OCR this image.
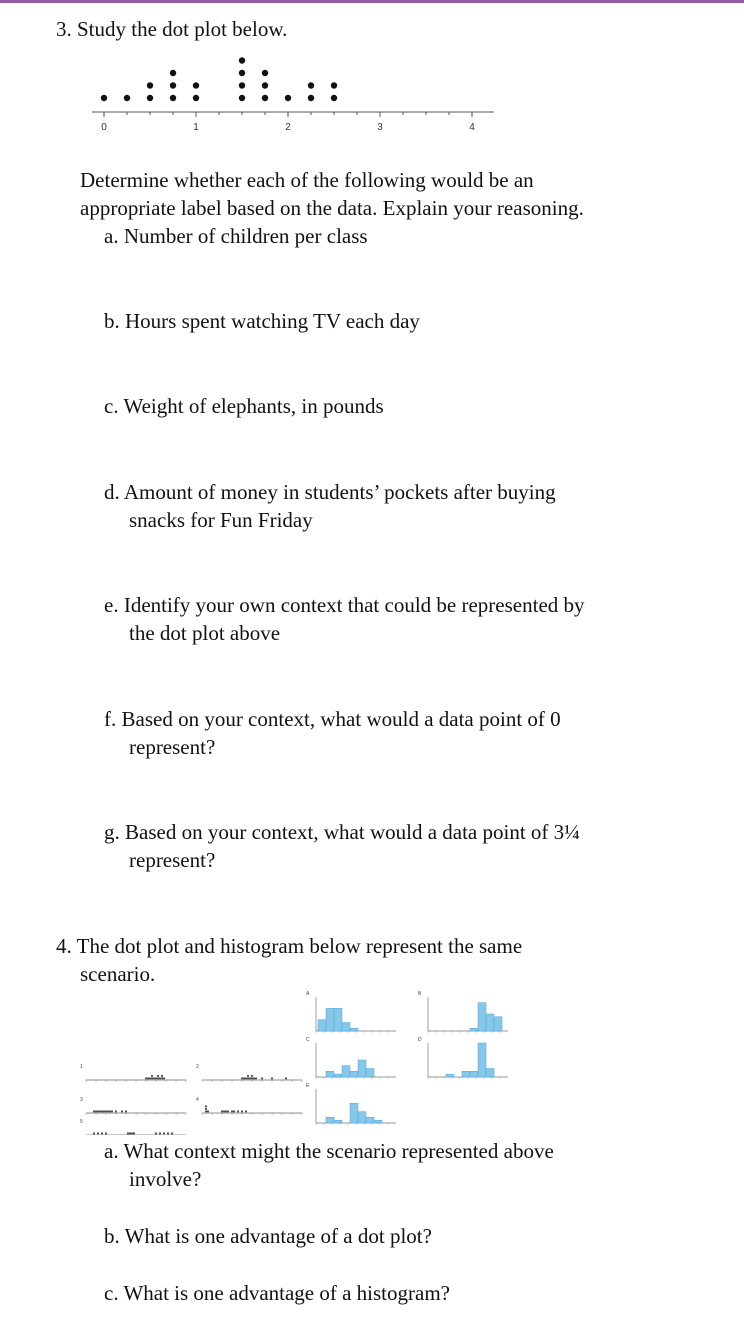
3. Study the dot plot below.
0	1	2	3	4
Determine whether each of the following would be an
appropriate label based on the data. Explain your reasoning.
a. Number of children per class
b. Hours spent watching TV each day
c. Weight of elephants, in pounds
d. Amount of money in students’ pockets after buying
snacks for Fun Friday
e. Identify your own context that could be represented by
the dot plot above
f. Based on your context, what would a data point of 0
represent?
g. Based on your context, what would a data point of 3¼
represent?
4. The dot plot and histogram below represent the same
scenario.
A	B
C	D
E
1	2
3	4
5
a. What context might the scenario represented above
involve?
b. What is one advantage of a dot plot?
c. What is one advantage of a histogram?
